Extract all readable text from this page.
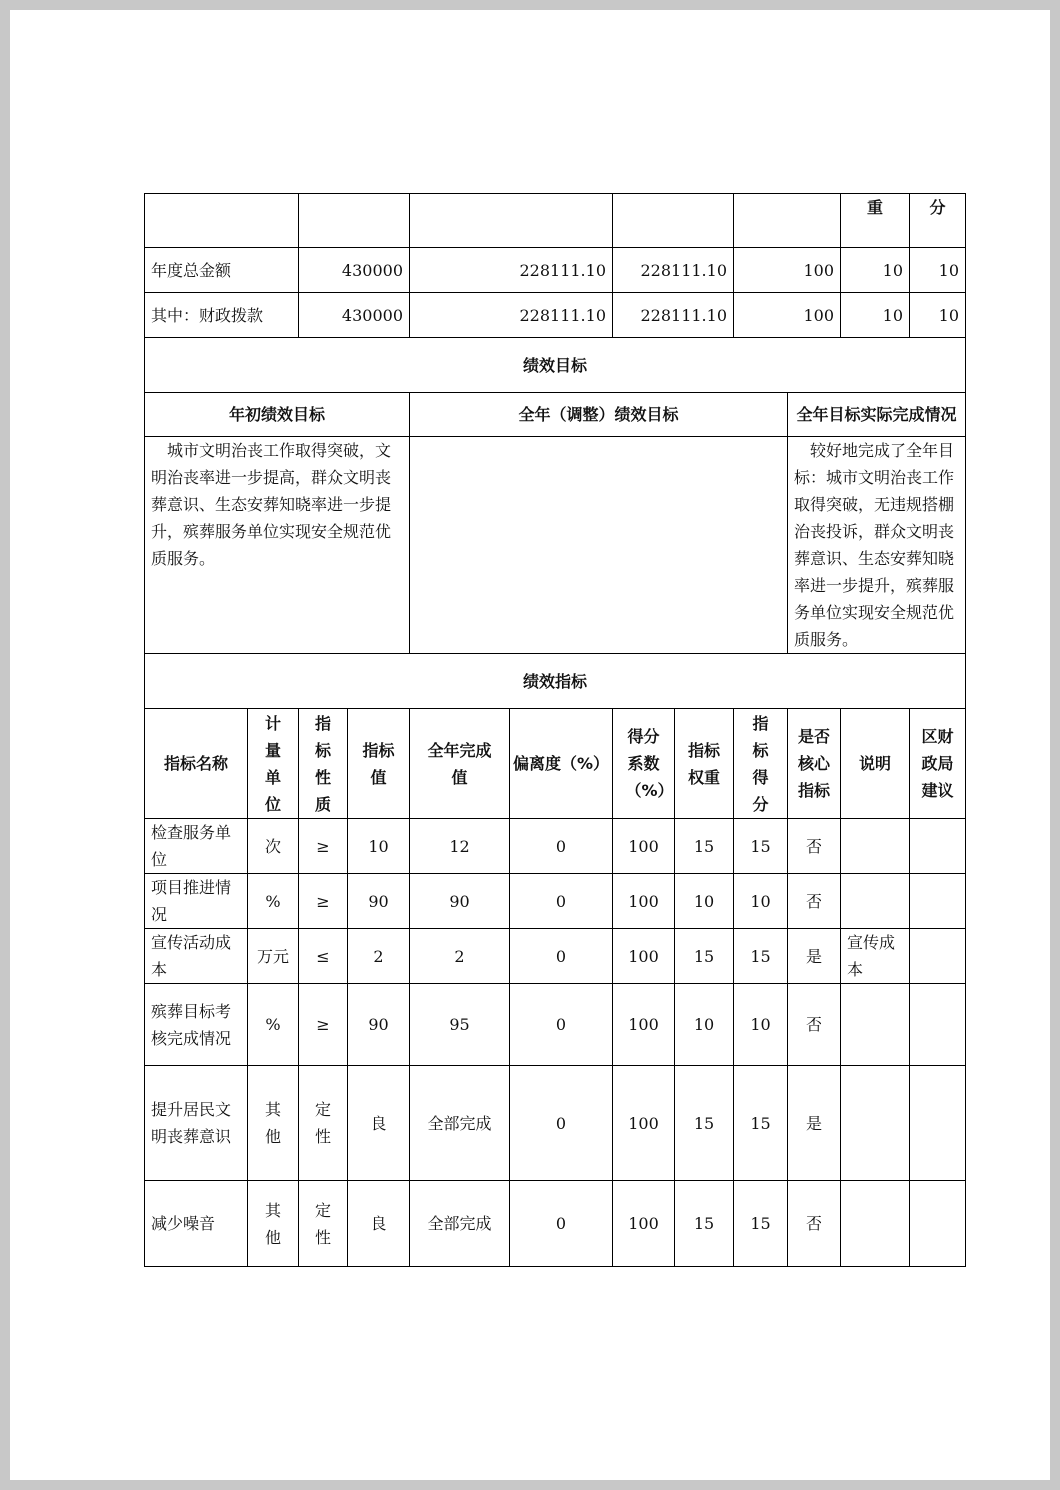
										重	分
年度总金额		430000		228111.10		228111.10		100		10	10
其中：财政拨款		430000		228111.10		228111.10		100		10	10
绩效目标											
年初绩效目标				全年（调整）绩效目标					全年目标实际完成情况		
城市文明治丧工作取得突破，文明治丧率进一步提高，群众文明丧葬意识、生态安葬知晓率进一步提升，殡葬服务单位实现安全规范优质服务。									较好地完成了全年目标：城市文明治丧工作取得突破，无违规搭棚治丧投诉，群众文明丧葬意识、生态安葬知晓率进一步提升，殡葬服务单位实现安全规范优质服务。		
绩效指标											
指标名称	计量单位	指标性质	指标值	全年完成值	偏离度（%）	得分系数（%）	指标权重	指标得分	是否核心指标	说明	区财政局建议
检查服务单位	次	≥	10	12	0	100	15	15	否		
项目推进情况	%	≥	90	90	0	100	10	10	否		
宣传活动成本	万元	≤	2	2	0	100	15	15	是	宣传成本	
殡葬目标考核完成情况	%	≥	90	95	0	100	10	10	否		
提升居民文明丧葬意识	其他	定性	良	全部完成	0	100	15	15	是		
减少噪音	其他	定性	良	全部完成	0	100	15	15	否		
